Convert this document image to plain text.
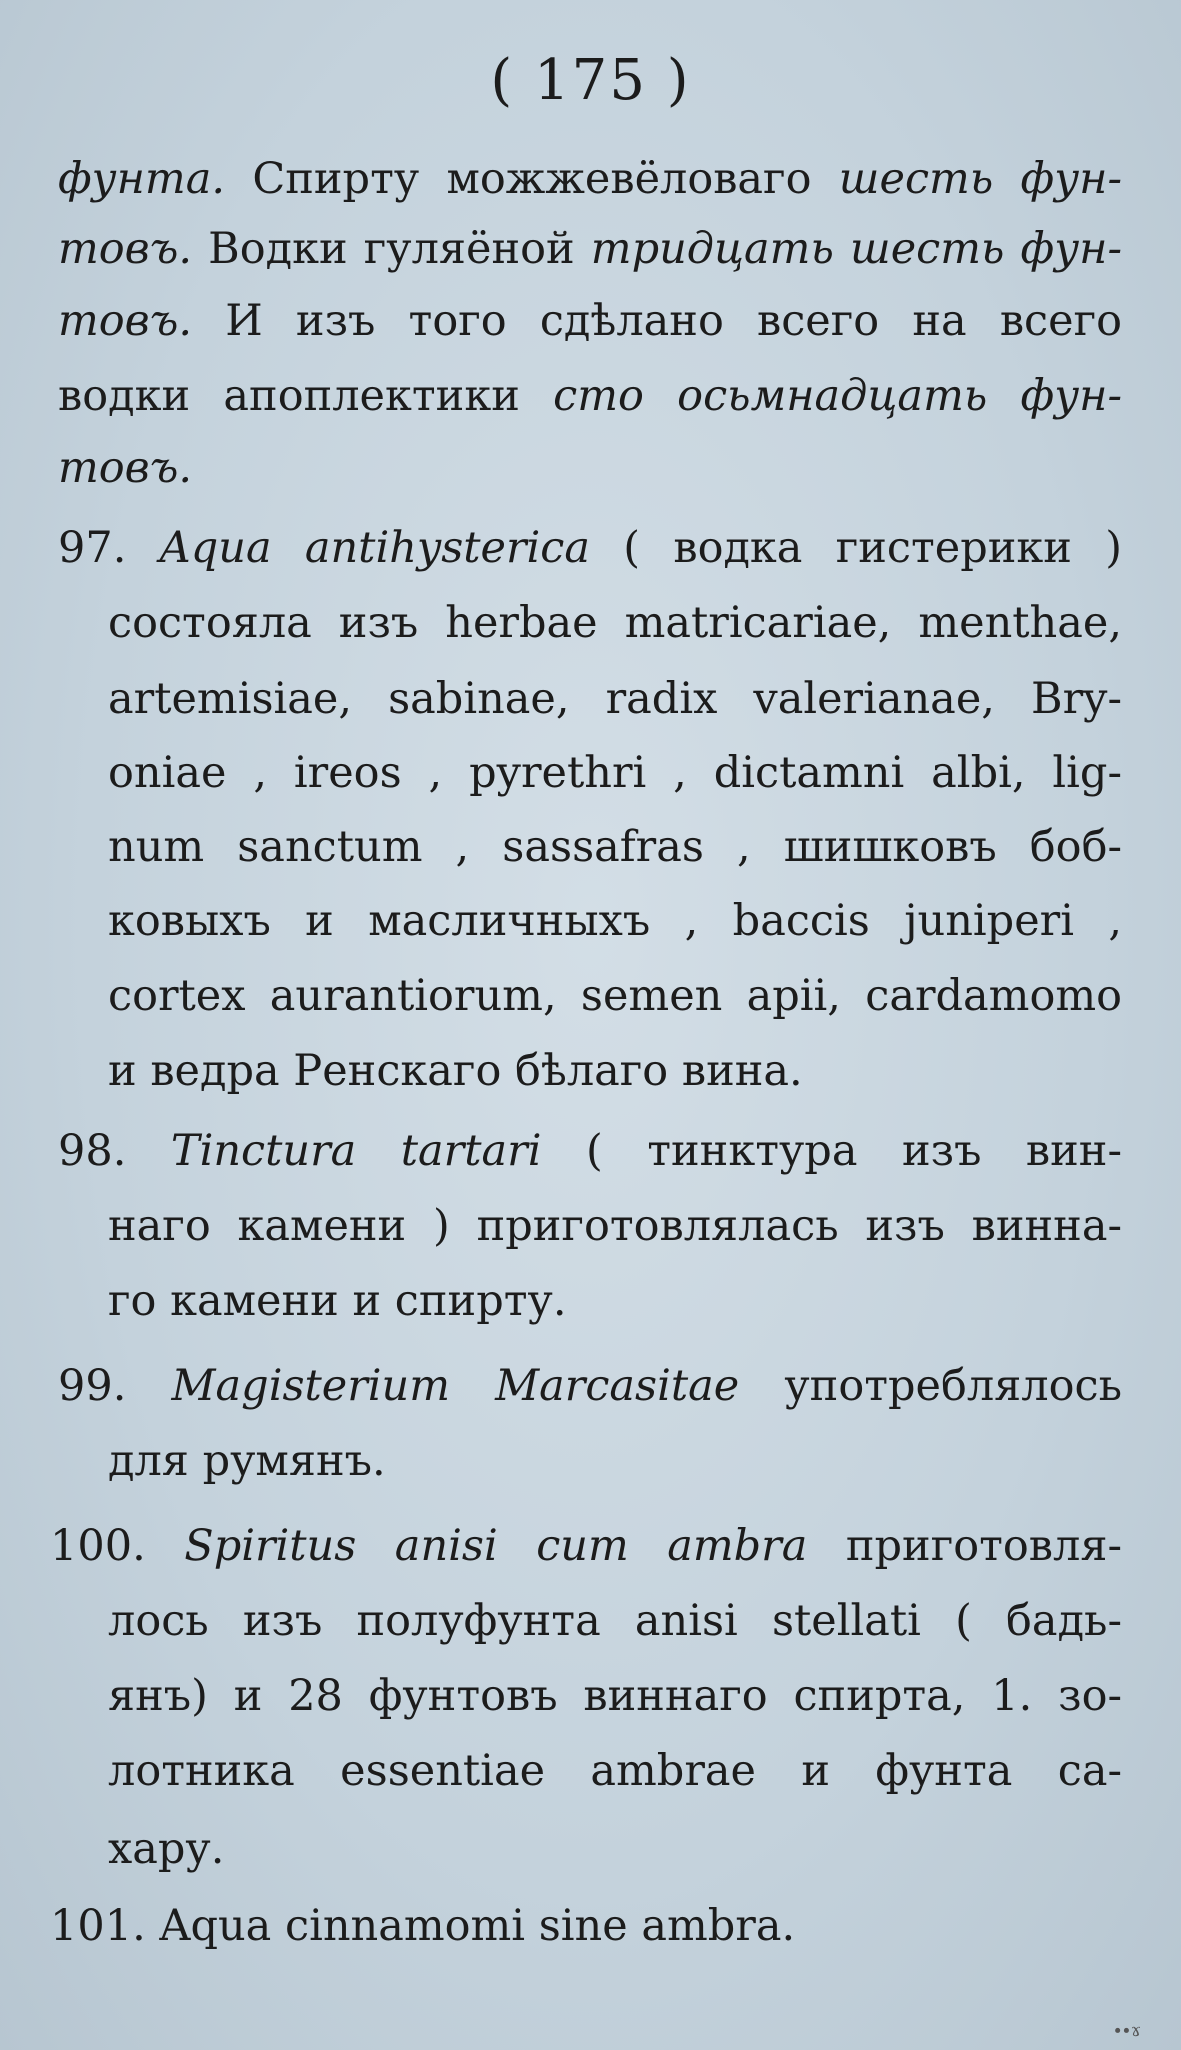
( 175 )
фунта. Спирту можжевёловаго шесть фун-
товъ. Водки гуляёной тридцать шесть фун-
товъ. И изъ того сдѣлано всего на всего
водки апоплектики сто осьмнадцать фун-
товъ.
97. Aqua antihysterica ( водка гистерики )
состояла изъ herbae matricariae, menthae,
artemisiae, sabinae, radix valerianae, Bry-
oniae , ireos , pyrethri , dictamni albi, lig-
num sanctum , sassafras , шишковъ боб-
ковыхъ и масличныхъ , baccis juniperi ,
cortex aurantiorum, semen apii, cardamomo
и ведра Ренскаго бѣлаго вина.
98. Tinctura tartari ( тинктура изъ вин-
наго камени ) приготовлялась изъ винна-
го камени и спирту.
99. Magisterium Marcasitae употреблялось
для румянъ.
100. Spiritus anisi cum ambra приготовля-
лось изъ полуфунта anisi stellati ( бадь-
янъ) и 28 фунтовъ виннаго спирта, 1. зо-
лотника essentiae ambrae и фунта са-
хару.
101. Aqua cinnamomi sine ambra.
∙∙ɤ
